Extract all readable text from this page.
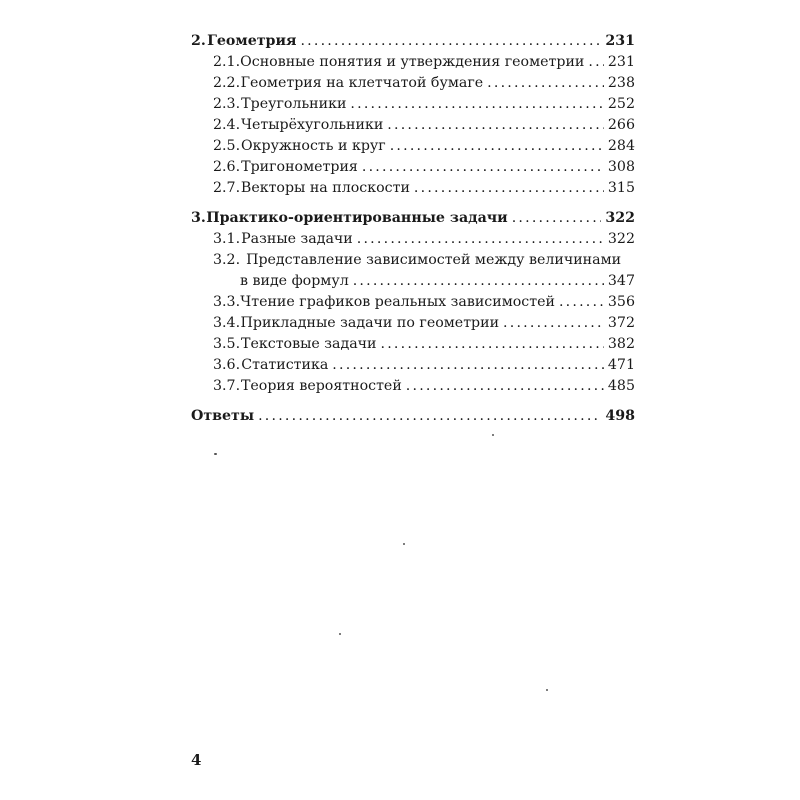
2. Геометрия .....	231
2.1. Основные понятия и утверждения геометрии ..... 231
2.2. Геометрия на клетчатой бумаге .....	238
2.3. Треугольники .....	252
2.4. Четырёхугольники .....	266
2.5. Окружность и круг .....	284
2.6. Тригонометрия .....	308
2.7. Векторы на плоскости .....	315
3. Практико-ориентированные задачи .....	322
3.1. Разные задачи .....	322
3.2. Представление зависимостей между величинами
в виде формул .....	347
3.3. Чтение графиков реальных зависимостей .....	356
3.4. Прикладные задачи по геометрии .....	372
3.5. Текстовые задачи .....	382
3.6. Статистика .....	471
3.7. Теория вероятностей .....	485
Ответы .....	498
4
